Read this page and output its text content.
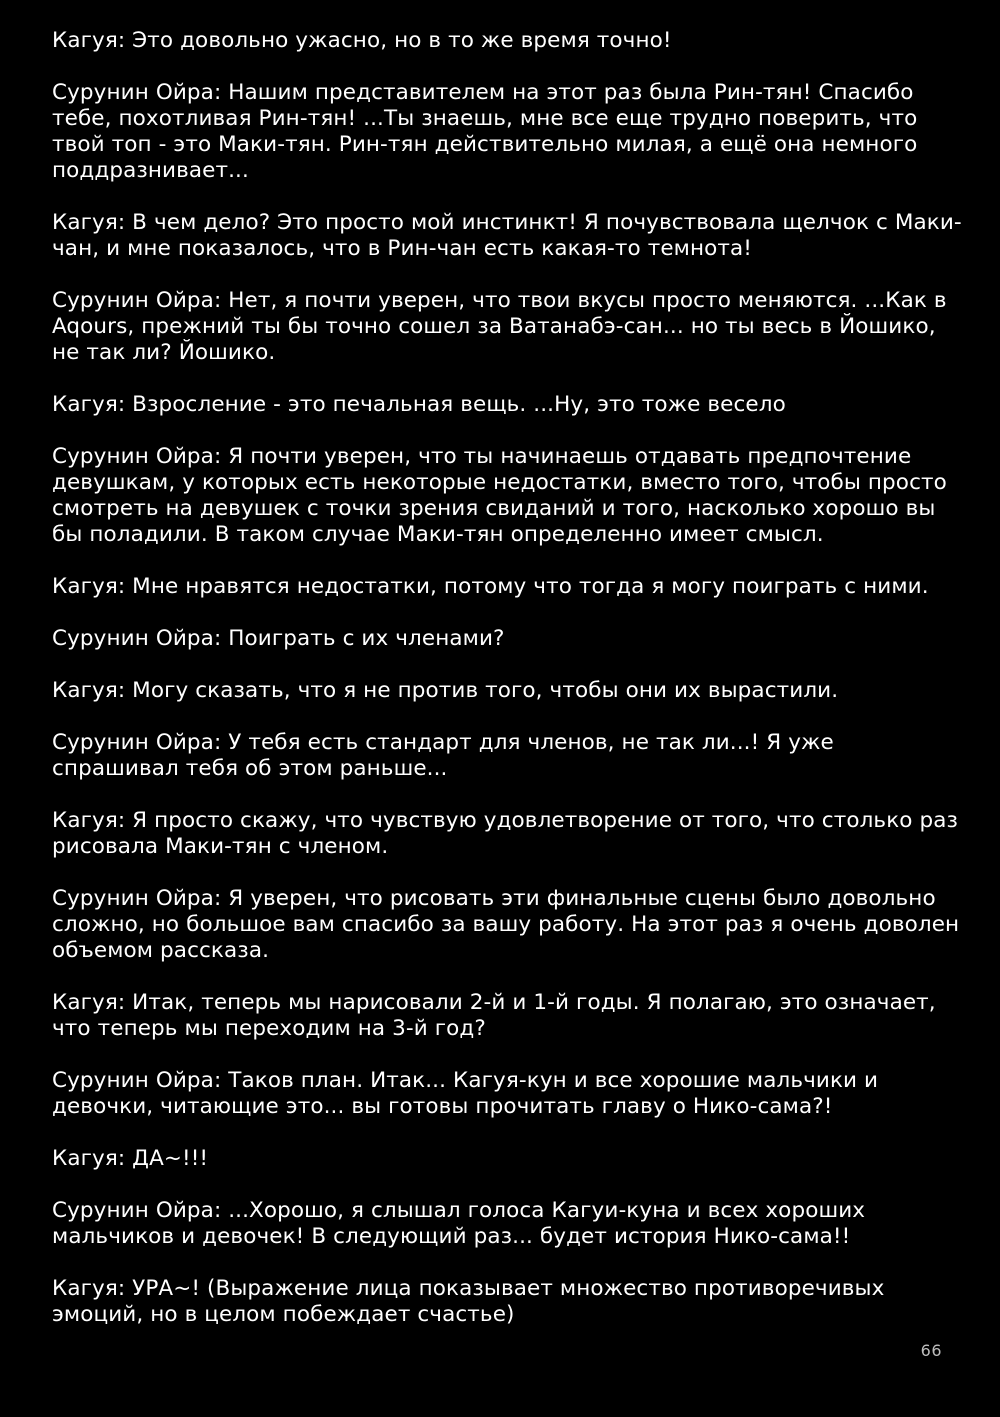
Кагуя: Это довольно ужасно, но в то же время точно!

Сурунин Ойра: Нашим представителем на этот раз была Рин-тян! Спасибо тебе, похотливая Рин-тян! ...Ты знаешь, мне все еще трудно поверить, что твой топ - это Маки-тян. Рин-тян действительно милая, а ещё она немного поддразнивает...

Кагуя: В чем дело? Это просто мой инстинкт! Я почувствовала щелчок с Маки-чан, и мне показалось, что в Рин-чан есть какая-то темнота!

Сурунин Ойра: Нет, я почти уверен, что твои вкусы просто меняются. ...Как в Aqours, прежний ты бы точно сошел за Ватанабэ-сан... но ты весь в Йошико, не так ли? Йошико.

Кагуя: Взросление - это печальная вещь. ...Ну, это тоже весело

Сурунин Ойра: Я почти уверен, что ты начинаешь отдавать предпочтение девушкам, у которых есть некоторые недостатки, вместо того, чтобы просто смотреть на девушек с точки зрения свиданий и того, насколько хорошо вы бы поладили. В таком случае Маки-тян определенно имеет смысл.

Кагуя: Мне нравятся недостатки, потому что тогда я могу поиграть с ними.

Сурунин Ойра: Поиграть с их членами?

Кагуя: Могу сказать, что я не против того, чтобы они их вырастили.

Сурунин Ойра: У тебя есть стандарт для членов, не так ли...! Я уже спрашивал тебя об этом раньше...

Кагуя: Я просто скажу, что чувствую удовлетворение от того, что столько раз рисовала Маки-тян с членом.

Сурунин Ойра: Я уверен, что рисовать эти финальные сцены было довольно сложно, но большое вам спасибо за вашу работу. На этот раз я очень доволен объемом рассказа.

Кагуя: Итак, теперь мы нарисовали 2-й и 1-й годы. Я полагаю, это означает, что теперь мы переходим на 3-й год?

Сурунин Ойра: Таков план. Итак... Кагуя-кун и все хорошие мальчики и девочки, читающие это... вы готовы прочитать главу о Нико-сама?!

Кагуя: ДА~!!!

Сурунин Ойра: ...Хорошо, я слышал голоса Кагуи-куна и всех хороших мальчиков и девочек! В следующий раз... будет история Нико-сама!!

Кагуя: УРА~! (Выражение лица показывает множество противоречивых эмоций, но в целом побеждает счастье)

66
